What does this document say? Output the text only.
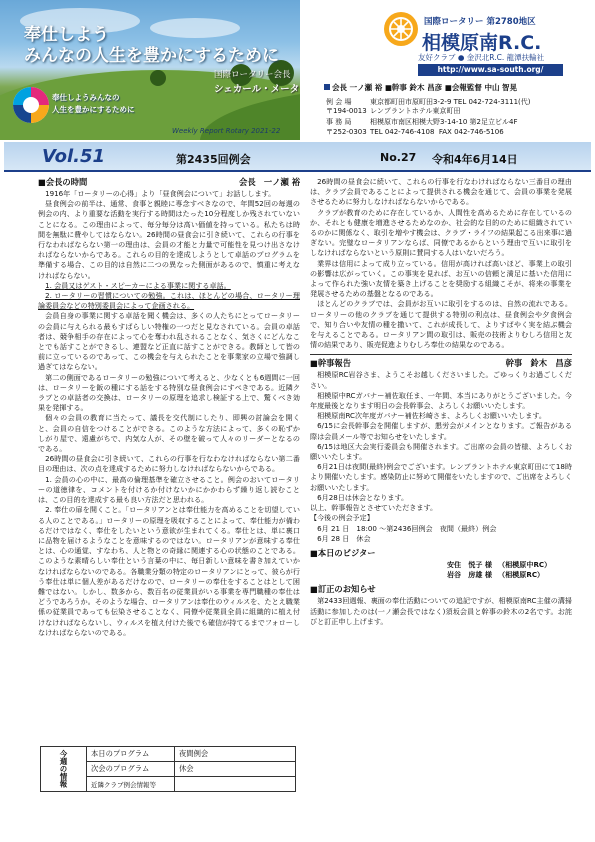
奉仕しよう
みんなの人生を豊かにするために
国際ロータリー会長
シェカール・メータ
奉仕しようみんなの
人生を豊かにするために
Weekly Report Rotary 2021-22
国際ロータリー 第2780地区
相模原南R.C.
友好クラブ ● 金沢北R.C. 龍潭扶輪社
http://www.sa-south.org/
会長 一ノ瀬 裕 ■幹事 鈴木 昌彦 ■会報監督 中山 智晃
例 会 場	東京都町田市原町田3-2-9 TEL 042-724-3111(代)
〒194-0013 レンブラントホテル東京町田
事 務 局	相模原市南区相模大野3-14-10 第2足立ビル4F
〒252-0303 TEL 042-746-4108 FAX 042-746-5106
Vol.51	第2435回例会	No.27 令和4年6月14日
■会長の時間	会長　一ノ瀬 裕

1916年「ロータリーの心得」より「昼食例会について」お話しします。

昼食例会の前半は、通常、食事と親睦に専念すべきなので、年間52回の毎週の例会の内、より重要な活動を実行する時間はたった10分程度しか残されていないことになる。この理由によって、毎分毎分は高い価値を持っている。私たちは時間を無駄に費やしてはならない。26時間の昼食会に引き続いて、これらの行事を行なわればならない第一の理由は、会員の才能と力量で可能性を見つけ出さなければならないからである。これらの目的を達成しようとして卓話のプログラムを準備する場合、この目的は自然に二つの異なった側面があるので、慎重に考えなければならない。

1. 会員又はゲスト・スピーカーによる事業に関する卓話。

2. ロータリーの習慣についての勉強。これは、ほとんどの場合、ロータリー理論委員会などの特別委員会によって企画される。

会員自身の事業に関する卓話を聞く機会は、多くの人たちにとってロータリーの会員に与えられる最もすばらしい特権の一つだと見なされている。会員の卓話者は、競争相手の存在によって心を奪われ乱されることなく、気さくにどんなことでも話すことができるし、連盟など正直に話すことができる。教師として皆の前に立っているのであって、この機会を与えられたことを事業家の立場で強調し過ぎてはならない。

第二の側面であるロータリーの勉強について考えると、少なくとも6週間に一回は、ロータリーを飯の種にする話をする特別な昼食例会にすべきである。近隣クラブとの卓話者の交換は、ロータリーの原理を追求し検証する上で、驚くべき効果を発揮する。

個々の会員の教育に当たって、議長を交代制にしたり、即興の討論会を開くと、会員の自信をつけることができる。このような方法によって、多くの恥ずかしがり屋で、遠慮がちで、内気な人が、その壁を破って人々のリーダーとなるのである。

26時間の昼食会に引き続いて、これらの行事を行なわなければならない第二番目の理由は、次の点を達成するために努力しなければならないからである。

1. 会員の心の中に、最高の倫理基準を確立させること。例会のおいてロータリーの道徳律を、コメントを付けるか付けないかにかかわらず繰り返し読むことは、この目的を達成する最も良い方法だと思われる。

2. 奉仕の扉を開くこと。「ロータリアンとは奉仕能力を高めることを切望している人のことである。」ロータリーの原理を吸収することによって、奉仕能力が備わるだけではなく、奉仕をしたいという意欲が生まれてくる。奉仕とは、単に裏口に品物を届けるようなことを意味するのではない。ロータリアンが意味する奉仕とは、心の通覚、すなわち、人と物との奇縁に関連する心の状態のことである。このような素晴らしい奉仕という言葉の中に、毎日新しい意味を書き加えていかなければならないのである。各職業分類の特定のロータリアンにとって、彼らが行う奉仕は単に個人差があるだけなので、ロータリーの奉仕をすることはとして困難ではない。しかし、数多から、数百名の従業員がいる事業を専門職種の奉仕はどうであろうか。そのような場合、ロータリアンは奉仕のウィルスを、たとえ職業係の従業員であっても伝染させることなく、同僚や従業員全員に組織的に植え付けなければならないし、ウィルスを植え付けた後でも確信が持てるまでフォローしなければならないのである。

26時間の昼食会に続いて、これらの行事を行なわければならない三番目の理由は、クラブ会員であることによって提供される機会を通じて、会員の事業を発展させるために努力しなければならないからである。

クラブが教育のために存在しているか、人間性を高めるために存在しているのか、それとも健康を増進させるためなのか、社会的な目的のために組織されているのかに関係なく、取引を増やす機会は、クラブ・ライフの結果起こる出来事に過ぎない。完璧なロータリアンならば、同僚であるからという理由で互いに取引をしなければならないという原則に賛同する人はいないだろう。

業界は信用によって成り立っている。信用が高ければ高いほど、事業上の取引の影響は広がっていく。この事実を見れば、お互いの信頼と満足に基いた信用によって作られた強い友情を築き上げることを奨励する組織こそが、将来の事業を発展させるための基盤となるのである。

ほとんどのクラブでは、会員がお互いに取引をするのは、自然の流れである。ロータリーの他のクラブを通じて提供する特別の利点は、昼食例会や夕食例会で、知り合いや友情の種を撒いて、これが成長して、よりすばやく実を結ぶ機会を与えることである。ロータリアン間の取引は、販売の技術よりむしろ信用と友情の結果であり、販売促進よりむしろ奉仕の結果なのである。

■幹事報告	幹事　鈴木　昌彦

相模原RC岩谷さま、ようこそお越しくださいました。ごゆっくりお過ごしください。

相模原中RCガバナー補佐取任ま、一年間、本当にありがとうございました。今年度最後となります明日の会長幹事会、よろしくお願いいたします。

相模原南RC次年度ガバナー補佐杉崎さま、よろしくお願いいたします。

6/15に会長幹事会を開催しますが、懇労会がメインとなります。ご報告がある際は会員メール等でお知らせをいたします。

6/15は地区大会実行委員会も開催されます。ご出席の会員の皆様、よろしくお願いいたします。

6月21日は夜間(最終)例会でございます。レンブラントホテル東京町田にて18時より開催いたします。感染防止に努めて開催をいたしますので、ご出席をよろしくお願いいたします。

6月28日は休会となります。

以上、幹事報告とさせていただきます。

【今後の例会予定】

6月 21 日　18:00 〜第2436回例会　夜間（最終）例会

6月 28 日　休会

■本日のビジター
安住　悦子 様 （相模原中RC）
岩谷　房雄 様 （相模原RC）
■訂正のお知らせ

第2433回週報、裏面の奉仕活動についての追記ですが、相模原南RC主催の溝掃活動に参加したのは(一ノ瀬会長ではなく)須坂会員と幹事の鈴木の2名です。お詫びと訂正申し上げます。

今週の情報	本日のプログラム	夜間例会
	次会のプログラム	休会
	近隣クラブ例会情報等	
